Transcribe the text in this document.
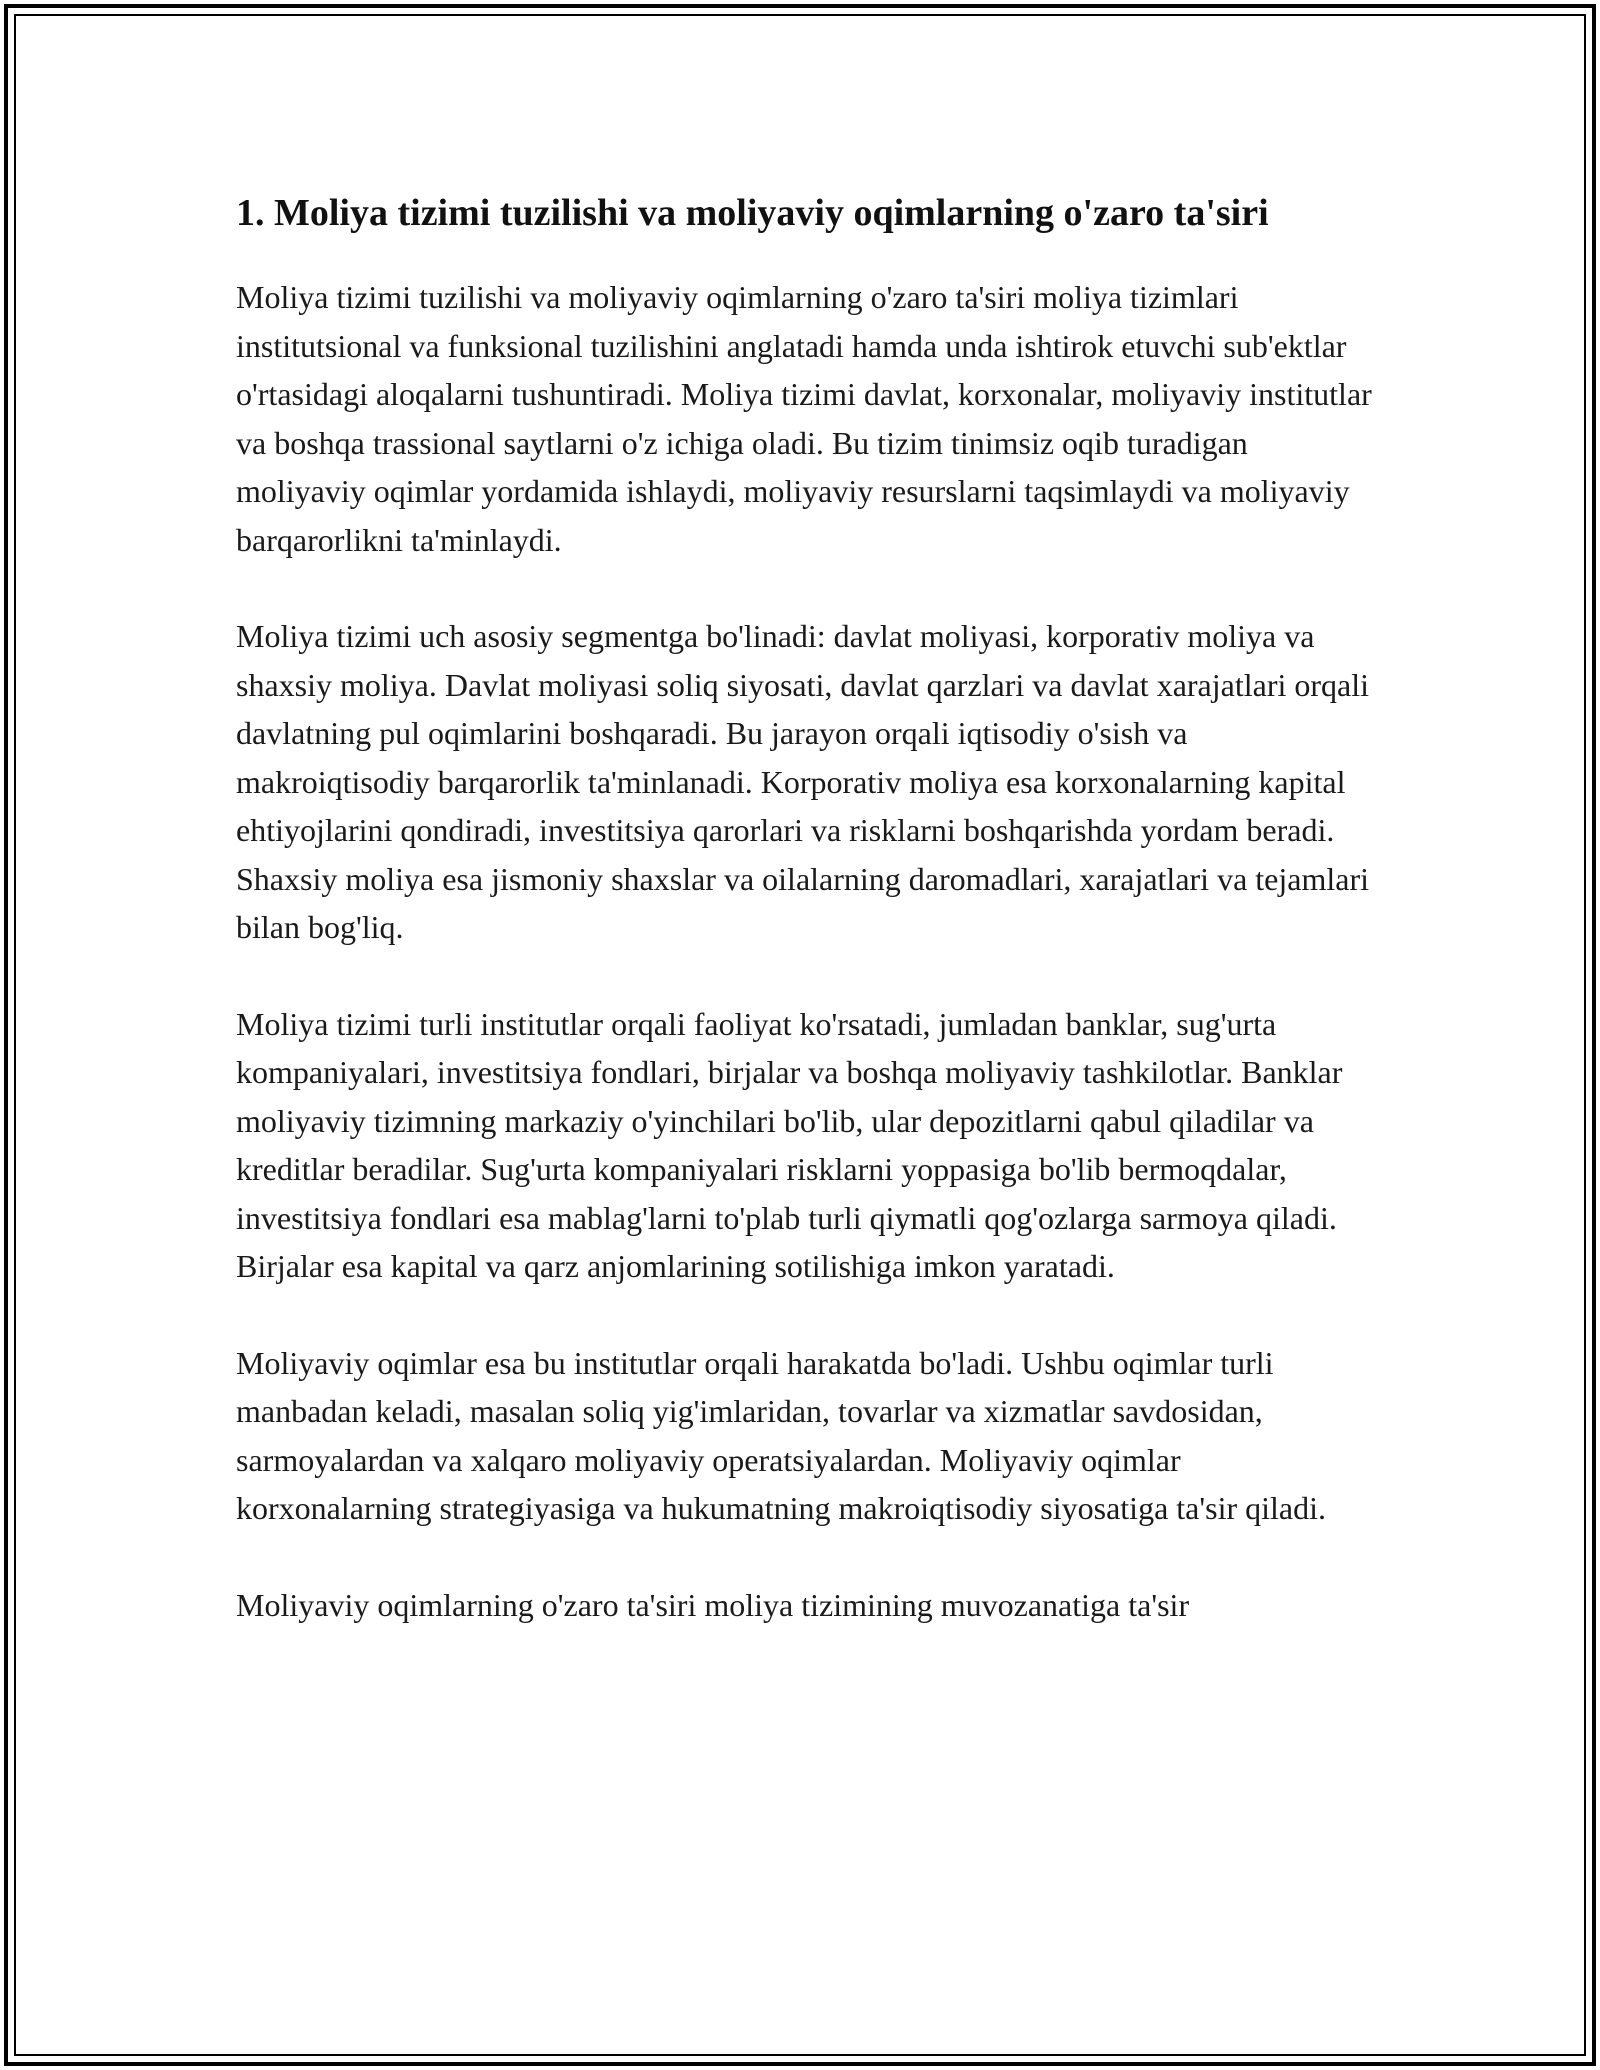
1. Moliya tizimi tuzilishi va moliyaviy oqimlarning o'zaro ta'siri

Moliya tizimi tuzilishi va moliyaviy oqimlarning o'zaro ta'siri moliya tizimlari institutsional va funksional tuzilishini anglatadi hamda unda ishtirok etuvchi sub'ektlar o'rtasidagi aloqalarni tushuntiradi. Moliya tizimi davlat, korxonalar, moliyaviy institutlar va boshqa trassional saytlarni o'z ichiga oladi. Bu tizim tinimsiz oqib turadigan moliyaviy oqimlar yordamida ishlaydi, moliyaviy resurslarni taqsimlaydi va moliyaviy barqarorlikni ta'minlaydi.

Moliya tizimi uch asosiy segmentga bo'linadi: davlat moliyasi, korporativ moliya va shaxsiy moliya. Davlat moliyasi soliq siyosati, davlat qarzlari va davlat xarajatlari orqali davlatning pul oqimlarini boshqaradi. Bu jarayon orqali iqtisodiy o'sish va makroiqtisodiy barqarorlik ta'minlanadi. Korporativ moliya esa korxonalarning kapital ehtiyojlarini qondiradi, investitsiya qarorlari va risklarni boshqarishda yordam beradi. Shaxsiy moliya esa jismoniy shaxslar va oilalarning daromadlari, xarajatlari va tejamlari bilan bog'liq.

Moliya tizimi turli institutlar orqali faoliyat ko'rsatadi, jumladan banklar, sug'urta kompaniyalari, investitsiya fondlari, birjalar va boshqa moliyaviy tashkilotlar. Banklar moliyaviy tizimning markaziy o'yinchilari bo'lib, ular depozitlarni qabul qiladilar va kreditlar beradilar. Sug'urta kompaniyalari risklarni yoppasiga bo'lib bermoqdalar, investitsiya fondlari esa mablag'larni to'plab turli qiymatli qog'ozlarga sarmoya qiladi. Birjalar esa kapital va qarz anjomlarining sotilishiga imkon yaratadi.

Moliyaviy oqimlar esa bu institutlar orqali harakatda bo'ladi. Ushbu oqimlar turli manbadan keladi, masalan soliq yig'imlaridan, tovarlar va xizmatlar savdosidan, sarmoyalardan va xalqaro moliyaviy operatsiyalardan. Moliyaviy oqimlar korxonalarning strategiyasiga va hukumatning makroiqtisodiy siyosatiga ta'sir qiladi.

Moliyaviy oqimlarning o'zaro ta'siri moliya tizimining muvozanatiga ta'sir
